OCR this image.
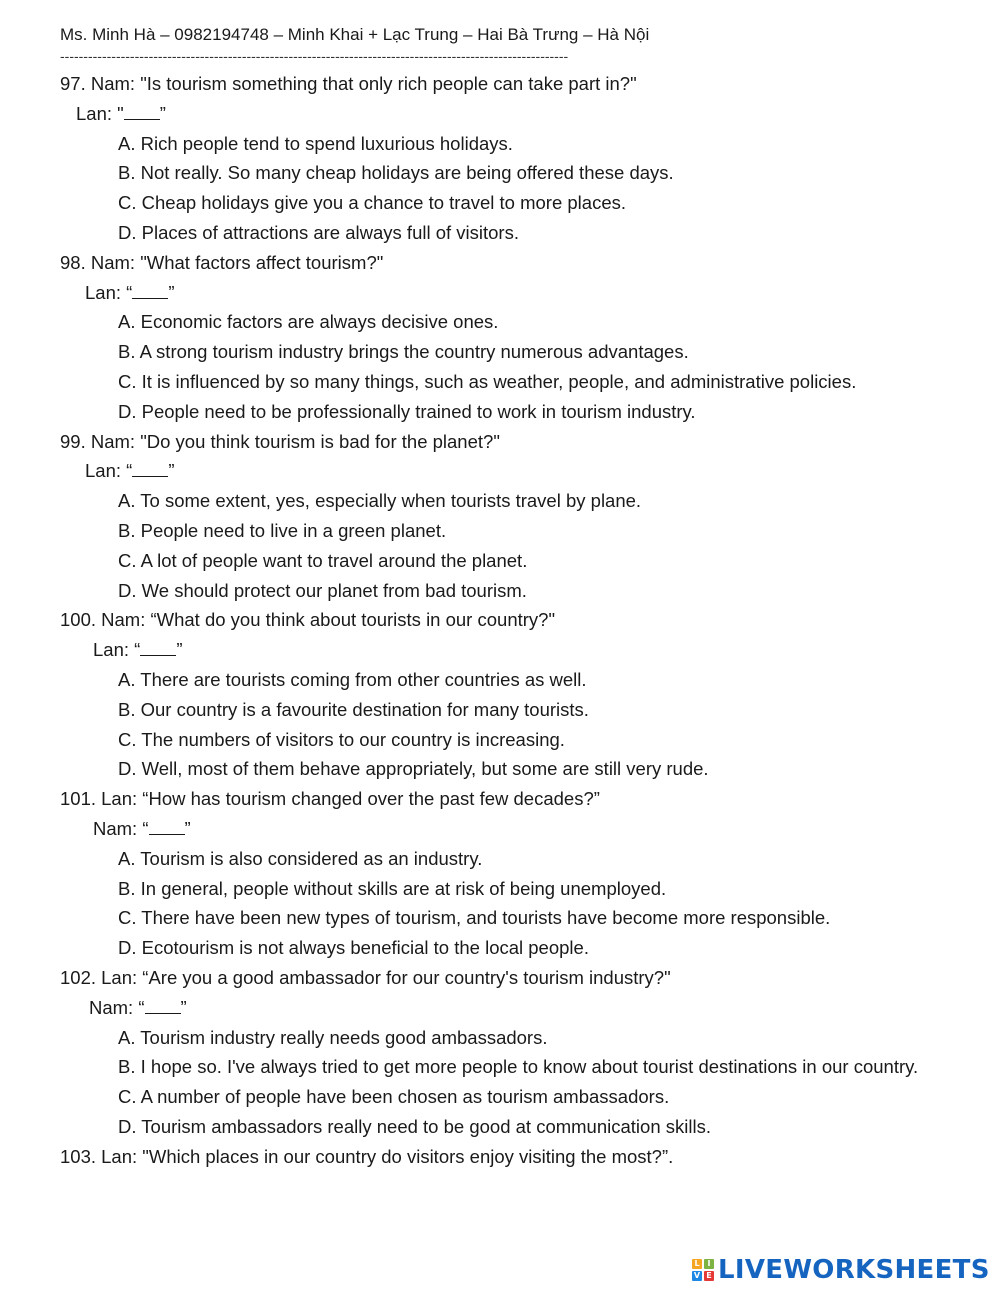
Ms. Minh Hà – 0982194748 – Minh Khai + Lạc Trung – Hai Bà Trưng – Hà Nội
-------------------------------------------------------------------------------------------------------------
97. Nam: "Is tourism something that only rich people can take part in?"
Lan: " ”
A. Rich people tend to spend luxurious holidays.
B. Not really. So many cheap holidays are being offered these days.
C. Cheap holidays give you a chance to travel to more places.
D. Places of attractions are always full of visitors.
98. Nam: "What factors affect tourism?"
Lan: “ ”
A. Economic factors are always decisive ones.
B. A strong tourism industry brings the country numerous advantages.
C. It is influenced by so many things, such as weather, people, and administrative policies.
D. People need to be professionally trained to work in tourism industry.
99. Nam: "Do you think tourism is bad for the planet?"
Lan: “ ”
A. To some extent, yes, especially when tourists travel by plane.
B. People need to live in a green planet.
C. A lot of people want to travel around the planet.
D. We should protect our planet from bad tourism.
100. Nam: “What do you think about tourists in our country?"
Lan: “ ”
A. There are tourists coming from other countries as well.
B. Our country is a favourite destination for many tourists.
C. The numbers of visitors to our country is increasing.
D. Well, most of them behave appropriately, but some are still very rude.
101. Lan: “How has tourism changed over the past few decades?”
Nam: “ ”
A. Tourism is also considered as an industry.
B. In general, people without skills are at risk of being unemployed.
C. There have been new types of tourism, and tourists have become more responsible.
D. Ecotourism is not always beneficial to the local people.
102. Lan: “Are you a good ambassador for our country's tourism industry?"
Nam: “ ”
A. Tourism industry really needs good ambassadors.
B. I hope so. I've always tried to get more people to know about tourist destinations in our country.
C. A number of people have been chosen as tourism ambassadors.
D. Tourism ambassadors really need to be good at communication skills.
103. Lan: "Which places in our country do visitors enjoy visiting the most?”.
L I
V E LIVEWORKSHEETS
